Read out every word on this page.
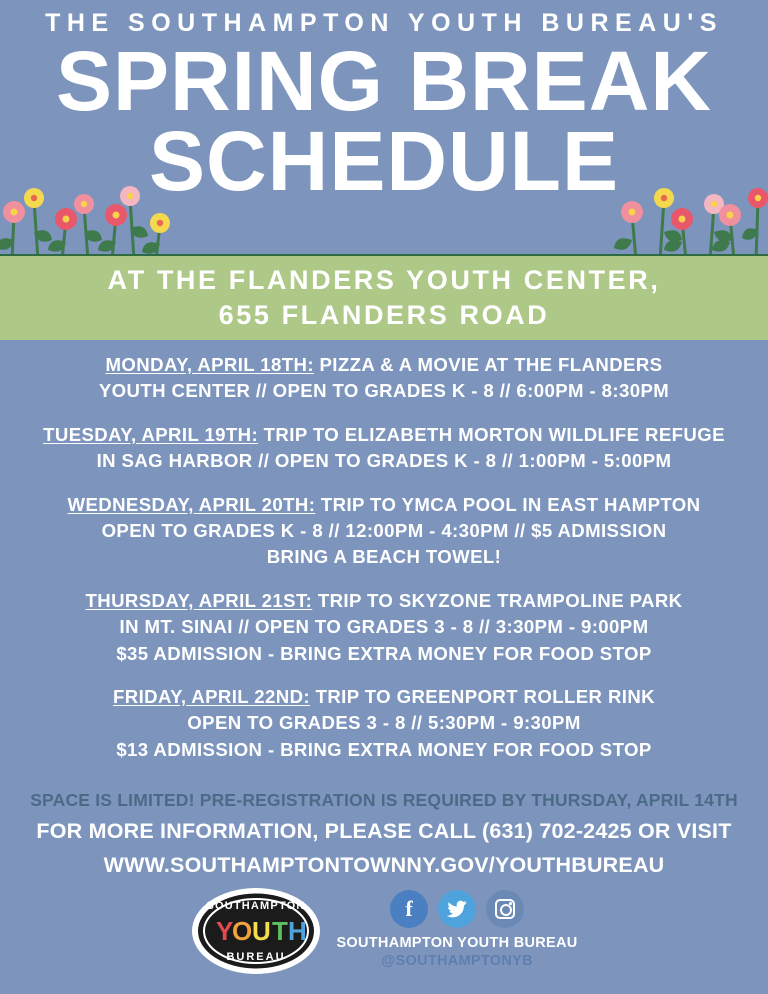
THE SOUTHAMPTON YOUTH BUREAU'S
SPRING BREAK
SCHEDULE
AT THE FLANDERS YOUTH CENTER,
655 FLANDERS ROAD
MONDAY, APRIL 18TH: PIZZA & A MOVIE AT THE FLANDERS
YOUTH CENTER // OPEN TO GRADES K - 8 // 6:00PM - 8:30PM
TUESDAY, APRIL 19TH: TRIP TO ELIZABETH MORTON WILDLIFE REFUGE
IN SAG HARBOR // OPEN TO GRADES K - 8 // 1:00PM - 5:00PM
WEDNESDAY, APRIL 20TH: TRIP TO YMCA POOL IN EAST HAMPTON
OPEN TO GRADES K - 8 // 12:00PM - 4:30PM // $5 ADMISSION
BRING A BEACH TOWEL!
THURSDAY, APRIL 21ST: TRIP TO SKYZONE TRAMPOLINE PARK
IN MT. SINAI // OPEN TO GRADES 3 - 8 // 3:30PM - 9:00PM
$35 ADMISSION - BRING EXTRA MONEY FOR FOOD STOP
FRIDAY, APRIL 22ND: TRIP TO GREENPORT ROLLER RINK
OPEN TO GRADES 3 - 8 // 5:30PM - 9:30PM
$13 ADMISSION - BRING EXTRA MONEY FOR FOOD STOP
SPACE IS LIMITED! PRE-REGISTRATION IS REQUIRED BY THURSDAY, APRIL 14TH
FOR MORE INFORMATION, PLEASE CALL (631) 702-2425 OR VISIT
WWW.SOUTHAMPTONTOWNNY.GOV/YOUTHBUREAU
SOUTHAMPTON
Y
O U T H
BUREAU
f
SOUTHAMPTON YOUTH BUREAU
@SOUTHAMPTONYB
